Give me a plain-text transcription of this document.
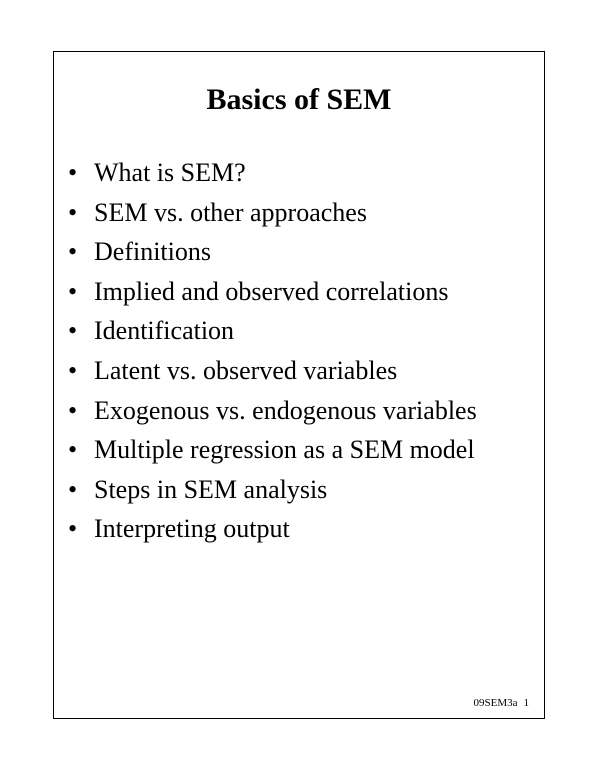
Basics of SEM
• What is SEM?
• SEM vs. other approaches
• Definitions
• Implied and observed correlations
• Identification
• Latent vs. observed variables
• Exogenous vs. endogenous variables
• Multiple regression as a SEM model
• Steps in SEM analysis
• Interpreting output
09SEM3a 1
